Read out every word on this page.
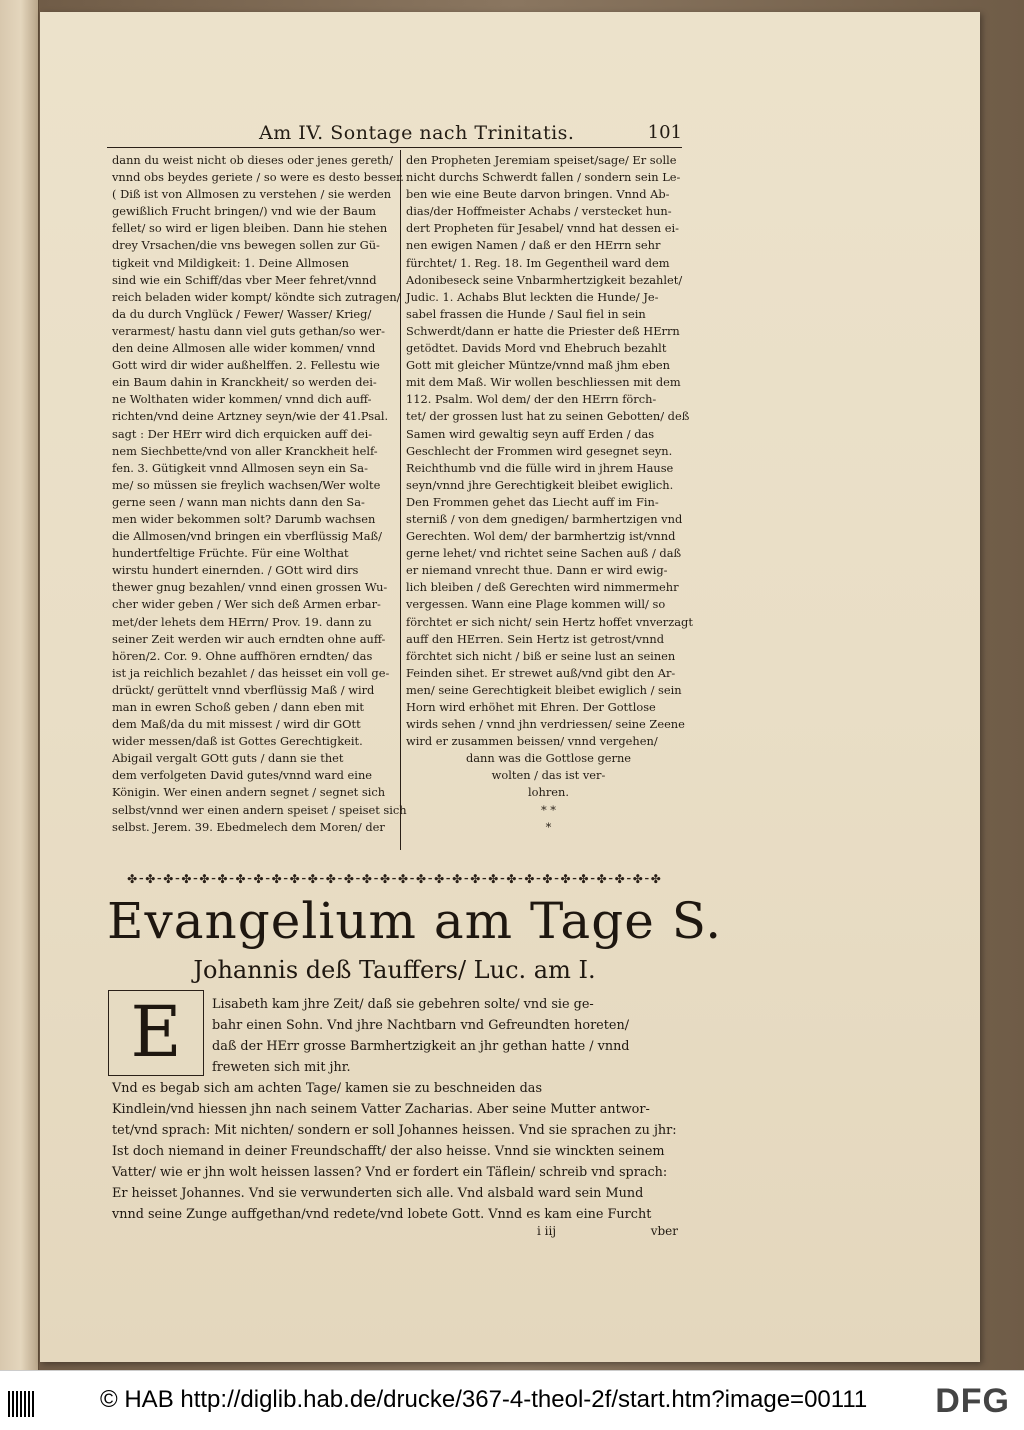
Am IV. Sontage nach Trinitatis.	101
dann du weist nicht ob dieses oder jenes gereth/
vnnd obs beydes geriete / so were es desto besser.
( Diß ist von Allmosen zu verstehen / sie werden
gewißlich Frucht bringen/) vnd wie der Baum
fellet/ so wird er ligen bleiben. Dann hie stehen
drey Vrsachen/die vns bewegen sollen zur Gü-
tigkeit vnd Mildigkeit: 1. Deine Allmosen
sind wie ein Schiff/das vber Meer fehret/vnnd
reich beladen wider kompt/ köndte sich zutragen/
da du durch Vnglück / Fewer/ Wasser/ Krieg/
verarmest/ hastu dann viel guts gethan/so wer-
den deine Allmosen alle wider kommen/ vnnd
Gott wird dir wider außhelffen. 2. Fellestu wie
ein Baum dahin in Kranckheit/ so werden dei-
ne Wolthaten wider kommen/ vnnd dich auff-
richten/vnd deine Artzney seyn/wie der 41.Psal.
sagt : Der HErr wird dich erquicken auff dei-
nem Siechbette/vnd von aller Kranckheit helf-
fen. 3. Gütigkeit vnnd Allmosen seyn ein Sa-
me/ so müssen sie freylich wachsen/Wer wolte
gerne seen / wann man nichts dann den Sa-
men wider bekommen solt? Darumb wachsen
die Allmosen/vnd bringen ein vberflüssig Maß/
hundertfeltige Früchte. Für eine Wolthat
wirstu hundert einernden. / GOtt wird dirs
thewer gnug bezahlen/ vnnd einen grossen Wu-
cher wider geben / Wer sich deß Armen erbar-
met/der lehets dem HErrn/ Prov. 19. dann zu
seiner Zeit werden wir auch erndten ohne auff-
hören/2. Cor. 9. Ohne auffhören erndten/ das
ist ja reichlich bezahlet / das heisset ein voll ge-
drückt/ gerüttelt vnnd vberflüssig Maß / wird
man in ewren Schoß geben / dann eben mit
dem Maß/da du mit missest / wird dir GOtt
wider messen/daß ist Gottes Gerechtigkeit.
Abigail vergalt GOtt guts / dann sie thet
dem verfolgeten David gutes/vnnd ward eine
Königin. Wer einen andern segnet / segnet sich
selbst/vnnd wer einen andern speiset / speiset sich
selbst. Jerem. 39. Ebedmelech dem Moren/ der
den Propheten Jeremiam speiset/sage/ Er solle
nicht durchs Schwerdt fallen / sondern sein Le-
ben wie eine Beute darvon bringen. Vnnd Ab-
dias/der Hoffmeister Achabs / verstecket hun-
dert Propheten für Jesabel/ vnnd hat dessen ei-
nen ewigen Namen / daß er den HErrn sehr
fürchtet/ 1. Reg. 18. Im Gegentheil ward dem
Adonibeseck seine Vnbarmhertzigkeit bezahlet/
Judic. 1. Achabs Blut leckten die Hunde/ Je-
sabel frassen die Hunde / Saul fiel in sein
Schwerdt/dann er hatte die Priester deß HErrn
getödtet. Davids Mord vnd Ehebruch bezahlt
Gott mit gleicher Müntze/vnnd maß jhm eben
mit dem Maß. Wir wollen beschliessen mit dem
112. Psalm. Wol dem/ der den HErrn förch-
tet/ der grossen lust hat zu seinen Gebotten/ deß
Samen wird gewaltig seyn auff Erden / das
Geschlecht der Frommen wird gesegnet seyn.
Reichthumb vnd die fülle wird in jhrem Hause
seyn/vnnd jhre Gerechtigkeit bleibet ewiglich.
Den Frommen gehet das Liecht auff im Fin-
sterniß / von dem gnedigen/ barmhertzigen vnd
Gerechten. Wol dem/ der barmhertzig ist/vnnd
gerne lehet/ vnd richtet seine Sachen auß / daß
er niemand vnrecht thue. Dann er wird ewig-
lich bleiben / deß Gerechten wird nimmermehr
vergessen. Wann eine Plage kommen will/ so
förchtet er sich nicht/ sein Hertz hoffet vnverzagt
auff den HErren. Sein Hertz ist getrost/vnnd
förchtet sich nicht / biß er seine lust an seinen
Feinden sihet. Er strewet auß/vnd gibt den Ar-
men/ seine Gerechtigkeit bleibet ewiglich / sein
Horn wird erhöhet mit Ehren. Der Gottlose
wirds sehen / vnnd jhn verdriessen/ seine Zeene
wird er zusammen beissen/ vnnd vergehen/
dann was die Gottlose gerne
wolten / das ist ver-
lohren.
* *
*
✤⁃✤⁃✤⁃✤⁃✤⁃✤⁃✤⁃✤⁃✤⁃✤⁃✤⁃✤⁃✤⁃✤⁃✤⁃✤⁃✤⁃✤⁃✤⁃✤⁃✤⁃✤⁃✤⁃✤⁃✤⁃✤⁃✤⁃✤⁃✤⁃✤
Evangelium am Tage S.
Johannis deß Tauffers/ Luc. am I.
E	Lisabeth kam jhre Zeit/ daß sie gebehren solte/ vnd sie ge-
bahr einen Sohn. Vnd jhre Nachtbarn vnd Gefreundten horeten/
daß der HErr grosse Barmhertzigkeit an jhr gethan hatte / vnnd
freweten sich mit jhr.
Vnd es begab sich am achten Tage/ kamen sie zu beschneiden das
Kindlein/vnd hiessen jhn nach seinem Vatter Zacharias. Aber seine Mutter antwor-
tet/vnd sprach: Mit nichten/ sondern er soll Johannes heissen. Vnd sie sprachen zu jhr:
Ist doch niemand in deiner Freundschafft/ der also heisse. Vnnd sie winckten seinem
Vatter/ wie er jhn wolt heissen lassen? Vnd er fordert ein Täflein/ schreib vnd sprach:
Er heisset Johannes. Vnd sie verwunderten sich alle. Vnd alsbald ward sein Mund
vnnd seine Zunge auffgethan/vnd redete/vnd lobete Gott. Vnnd es kam eine Furcht
i iij	vber
© HAB http://diglib.hab.de/drucke/367-4-theol-2f/start.htm?image=00111 DFG
